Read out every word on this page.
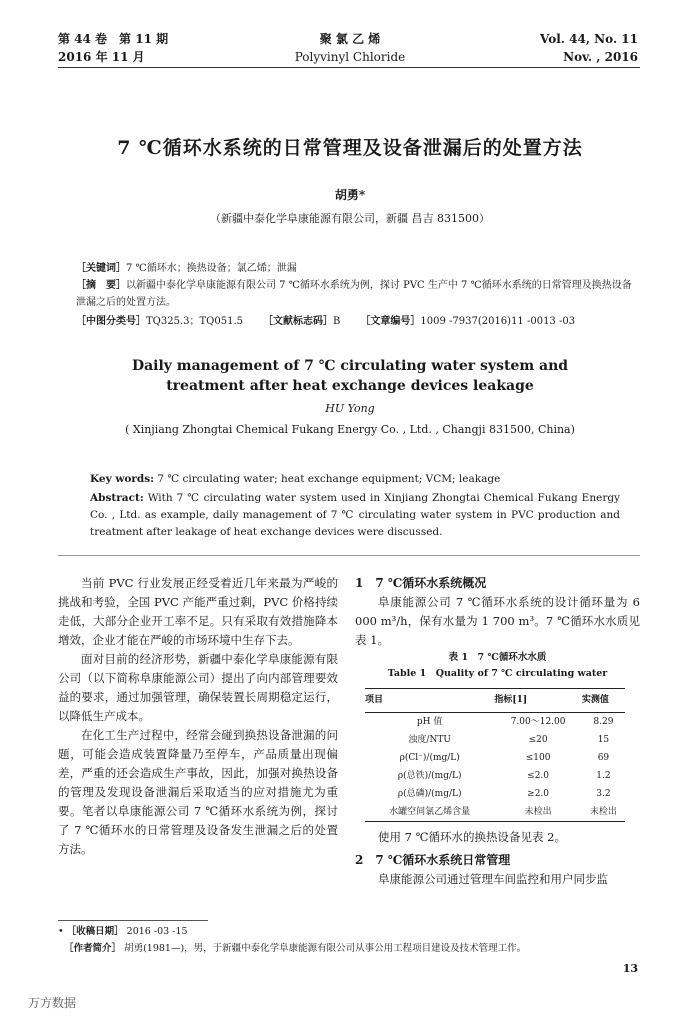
第 44 卷　第 11 期
2016 年 11 月
聚 氯 乙 烯
Polyvinyl Chloride
Vol. 44, No. 11
Nov. , 2016
7 ℃循环水系统的日常管理及设备泄漏后的处置方法
胡勇*
（新疆中泰化学阜康能源有限公司，新疆 昌吉 831500）
［关键词］7 ℃循环水；换热设备；氯乙烯；泄漏
［摘　要］以新疆中泰化学阜康能源有限公司 7 ℃循环水系统为例，探讨 PVC 生产中 7 ℃循环水系统的日常管理及换热设备泄漏之后的处置方法。
［中图分类号］TQ325.3；TQ051.5 ［文献标志码］B ［文章编号］1009 -7937(2016)11 -0013 -03
Daily management of 7 ℃ circulating water system and treatment after heat exchange devices leakage
HU Yong
( Xinjiang Zhongtai Chemical Fukang Energy Co. , Ltd. , Changji 831500, China)
Key words: 7 ℃ circulating water; heat exchange equipment; VCM; leakage
Abstract: With 7 ℃ circulating water system used in Xinjiang Zhongtai Chemical Fukang Energy Co. , Ltd. as example, daily management of 7 ℃ circulating water system in PVC production and treatment after leakage of heat exchange devices were discussed.

当前 PVC 行业发展正经受着近几年来最为严峻的挑战和考验，全国 PVC 产能严重过剩，PVC 价格持续走低，大部分企业开工率不足。只有采取有效措施降本增效，企业才能在严峻的市场环境中生存下去。

面对目前的经济形势，新疆中泰化学阜康能源有限公司（以下简称阜康能源公司）提出了向内部管理要效益的要求，通过加强管理，确保装置长周期稳定运行，以降低生产成本。

在化工生产过程中，经常会碰到换热设备泄漏的问题，可能会造成装置降量乃至停车，产品质量出现偏差，严重的还会造成生产事故，因此，加强对换热设备的管理及发现设备泄漏后采取适当的应对措施尤为重要。笔者以阜康能源公司 7 ℃循环水系统为例，探讨了 7 ℃循环水的日常管理及设备发生泄漏之后的处置方法。

1　7 ℃循环水系统概况

阜康能源公司 7 ℃循环水系统的设计循环量为 6 000 m³/h，保有水量为 1 700 m³。7 ℃循环水水质见表 1。

表 1　7 ℃循环水水质
Table 1　Quality of 7 ℃ circulating water
项目	指标[1]	实测值
pH 值	7.00～12.00	8.29
浊度/NTU	≤20	15
ρ(Cl⁻)/(mg/L)	≤100	69
ρ(总铁)/(mg/L)	≤2.0	1.2
ρ(总磷)/(mg/L)	≥2.0	3.2
水罐空间氯乙烯含量	未检出	未检出

使用 7 ℃循环水的换热设备见表 2。

2　7 ℃循环水系统日常管理

阜康能源公司通过管理车间监控和用户同步监

• ［收稿日期］ 2016 -03 -15
［作者简介］ 胡勇(1981—)，男，于新疆中泰化学阜康能源有限公司从事公用工程项目建设及技术管理工作。
13
万方数据
